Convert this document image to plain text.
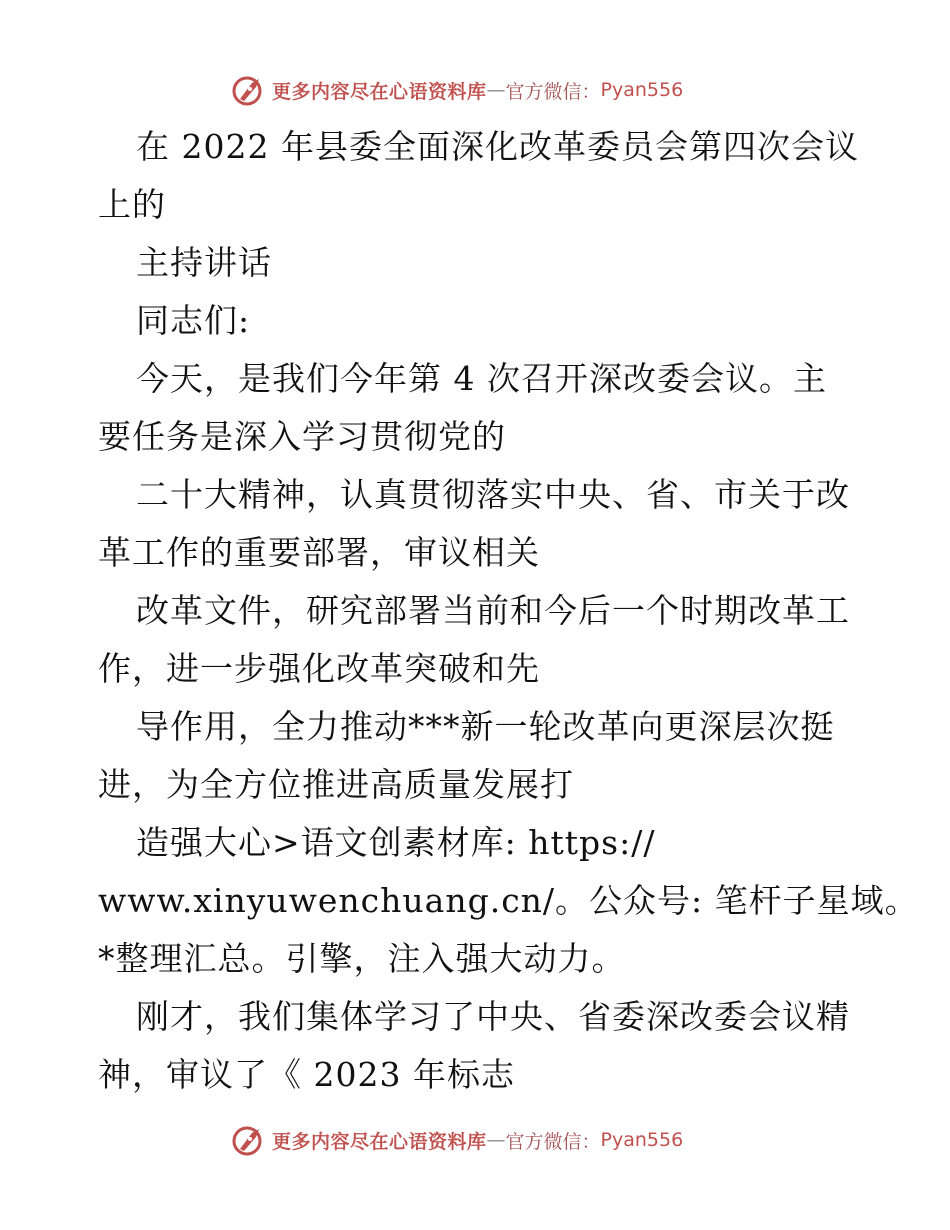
更多内容尽在心语资料库 — 官方微信： Pyan556
在 2022 年县委全面深化改革委员会第四次会议
上的
主持讲话
同志们:
今天，是我们今年第 4 次召开深改委会议。主
要任务是深入学习贯彻党的
二十大精神，认真贯彻落实中央、省、市关于改
革工作的重要部署，审议相关
改革文件，研究部署当前和今后一个时期改革工
作，进一步强化改革突破和先
导作用，全力推动***新一轮改革向更深层次挺
进，为全方位推进高质量发展打
造强大心>语文创素材库: https://
www.xinyuwenchuang.cn/。公众号: 笔杆子星域。
*整理汇总。引擎，注入强大动力。
刚才，我们集体学习了中央、省委深改委会议精
神，审议了《 2023 年标志
更多内容尽在心语资料库 — 官方微信： Pyan556
